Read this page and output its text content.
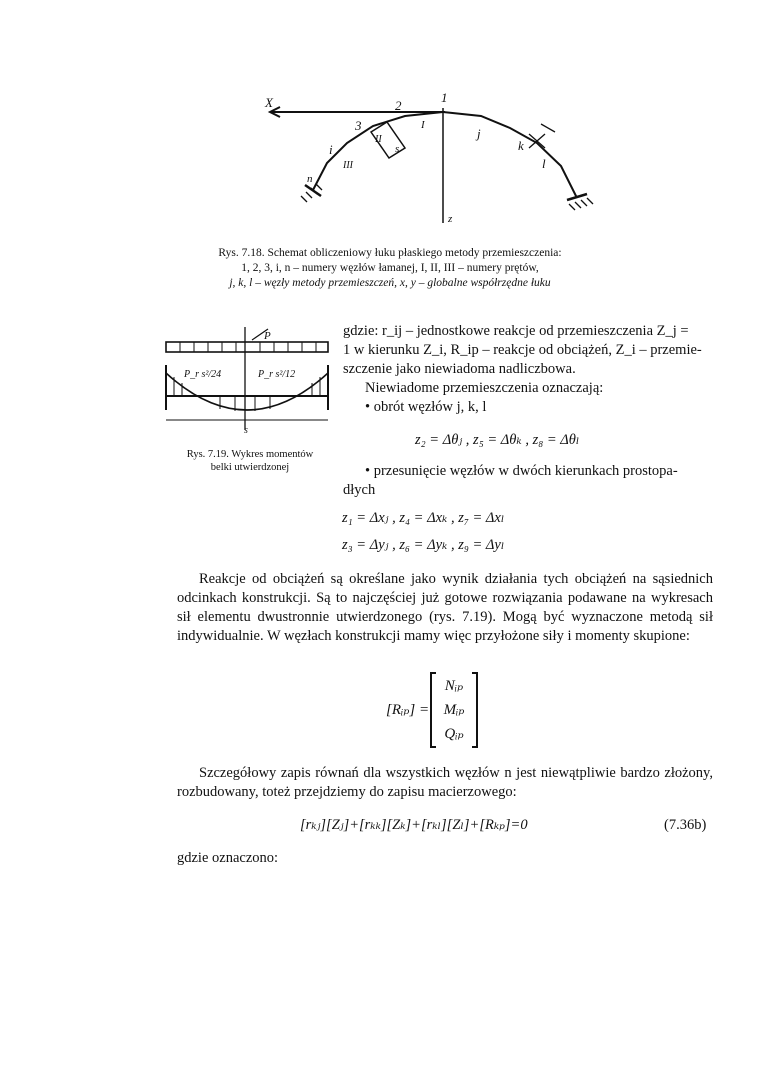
X
z
1
2
3
i
n
j
k
l
I
II
III
s
Rys. 7.18. Schemat obliczeniowy łuku płaskiego metody przemieszczenia:
1, 2, 3, i, n – numery węzłów łamanej, I, II, III – numery prętów,
j, k, l – węzły metody przemieszczeń, x, y – globalne współrzędne łuku
P
P_r s²/24	P_r s²/12
s
Rys. 7.19. Wykres momentów
belki utwierdzonej
gdzie: r_ij – jednostkowe reakcje od przemieszczenia Z_j =
1 w kierunku Z_i, R_ip – reakcje od obciążeń, Z_i – przemie-
szczenie jako niewiadoma nadliczbowa.
Niewiadome przemieszczenia oznaczają:
• obrót węzłów j, k, l
z₂ = Δθⱼ , z₅ = Δθₖ , z₈ = Δθₗ
• przesunięcie węzłów w dwóch kierunkach prostopa-
dłych
z₁ = Δxⱼ , z₄ = Δxₖ , z₇ = Δxₗ
z₃ = Δyⱼ , z₆ = Δyₖ , z₉ = Δyₗ
Reakcje od obciążeń są określane jako wynik działania tych obciążeń na sąsiednich odcinkach konstrukcji. Są to najczęściej już gotowe rozwiązania podawane na wykresach sił elementu dwustronnie utwierdzonego (rys. 7.19). Mogą być wyznaczone metodą sił indywidualnie. W węzłach konstrukcji mamy więc przyłożone siły i momenty skupione:
[Rᵢₚ] =
Nᵢₚ
Mᵢₚ
Qᵢₚ
Szczegółowy zapis równań dla wszystkich węzłów n jest niewątpliwie bardzo złożony, rozbudowany, toteż przejdziemy do zapisu macierzowego:
[rₖⱼ][Zⱼ]+[rₖₖ][Zₖ]+[rₖₗ][Zₗ]+[Rₖₚ]=0	(7.36b)
gdzie oznaczono:
